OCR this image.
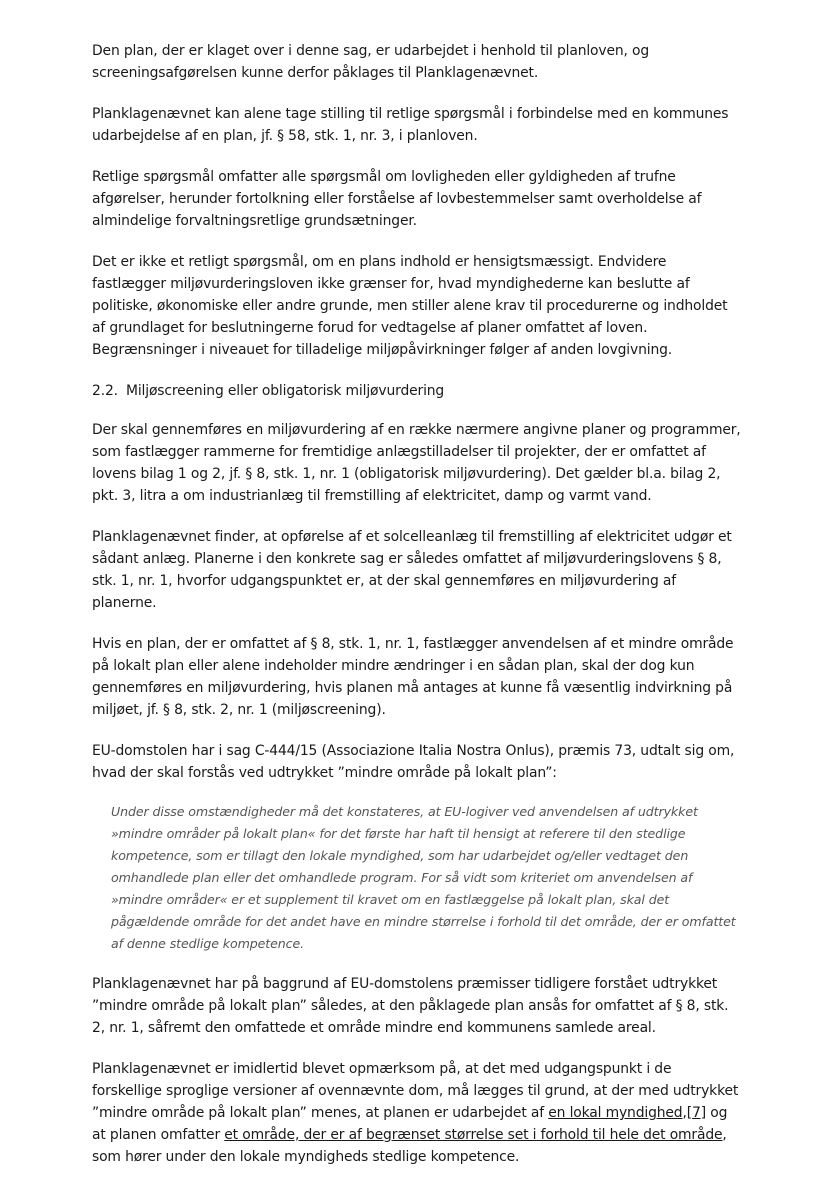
Den plan, der er klaget over i denne sag, er udarbejdet i henhold til planloven, og screeningsafgørelsen kunne derfor påklages til Planklagenævnet.

Planklagenævnet kan alene tage stilling til retlige spørgsmål i forbindelse med en kommunes udarbejdelse af en plan, jf. § 58, stk. 1, nr. 3, i planloven.

Retlige spørgsmål omfatter alle spørgsmål om lovligheden eller gyldigheden af trufne afgørelser, herunder fortolkning eller forståelse af lovbestemmelser samt overholdelse af almindelige forvaltningsretlige grundsætninger.

Det er ikke et retligt spørgsmål, om en plans indhold er hensigtsmæssigt. Endvidere fastlægger miljøvurderingsloven ikke grænser for, hvad myndighederne kan beslutte af politiske, økonomiske eller andre grunde, men stiller alene krav til procedurerne og indholdet af grundlaget for beslutningerne forud for vedtagelse af planer omfattet af loven. Begrænsninger i niveauet for tilladelige miljøpåvirkninger følger af anden lovgivning.

2.2. Miljøscreening eller obligatorisk miljøvurdering

Der skal gennemføres en miljøvurdering af en række nærmere angivne planer og programmer, som fastlægger rammerne for fremtidige anlægstilladelser til projekter, der er omfattet af lovens bilag 1 og 2, jf. § 8, stk. 1, nr. 1 (obligatorisk miljøvurdering). Det gælder bl.a. bilag 2, pkt. 3, litra a om industrianlæg til fremstilling af elektricitet, damp og varmt vand.

Planklagenævnet finder, at opførelse af et solcelleanlæg til fremstilling af elektricitet udgør et sådant anlæg. Planerne i den konkrete sag er således omfattet af miljøvurderingslovens § 8, stk. 1, nr. 1, hvorfor udgangspunktet er, at der skal gennemføres en miljøvurdering af planerne.

Hvis en plan, der er omfattet af § 8, stk. 1, nr. 1, fastlægger anvendelsen af et mindre område på lokalt plan eller alene indeholder mindre ændringer i en sådan plan, skal der dog kun gennemføres en miljøvurdering, hvis planen må antages at kunne få væsentlig indvirkning på miljøet, jf. § 8, stk. 2, nr. 1 (miljøscreening).

EU-domstolen har i sag C-444/15 (Associazione Italia Nostra Onlus), præmis 73, udtalt sig om, hvad der skal forstås ved udtrykket ”mindre område på lokalt plan”:

Under disse omstændigheder må det konstateres, at EU-logiver ved anvendelsen af udtrykket »mindre områder på lokalt plan« for det første har haft til hensigt at referere til den stedlige kompetence, som er tillagt den lokale myndighed, som har udarbejdet og/eller vedtaget den omhandlede plan eller det omhandlede program. For så vidt som kriteriet om anvendelsen af »mindre områder« er et supplement til kravet om en fastlæggelse på lokalt plan, skal det pågældende område for det andet have en mindre størrelse i forhold til det område, der er omfattet af denne stedlige kompetence.

Planklagenævnet har på baggrund af EU-domstolens præmisser tidligere forstået udtrykket ”mindre område på lokalt plan” således, at den påklagede plan ansås for omfattet af § 8, stk. 2, nr. 1, såfremt den omfattede et område mindre end kommunens samlede areal.

Planklagenævnet er imidlertid blevet opmærksom på, at det med udgangspunkt i de forskellige sproglige versioner af ovennævnte dom, må lægges til grund, at der med udtrykket ”mindre område på lokalt plan” menes, at planen er udarbejdet af en lokal myndighed,[7] og at planen omfatter et område, der er af begrænset størrelse set i forhold til hele det område, som hører under den lokale myndigheds stedlige kompetence.
